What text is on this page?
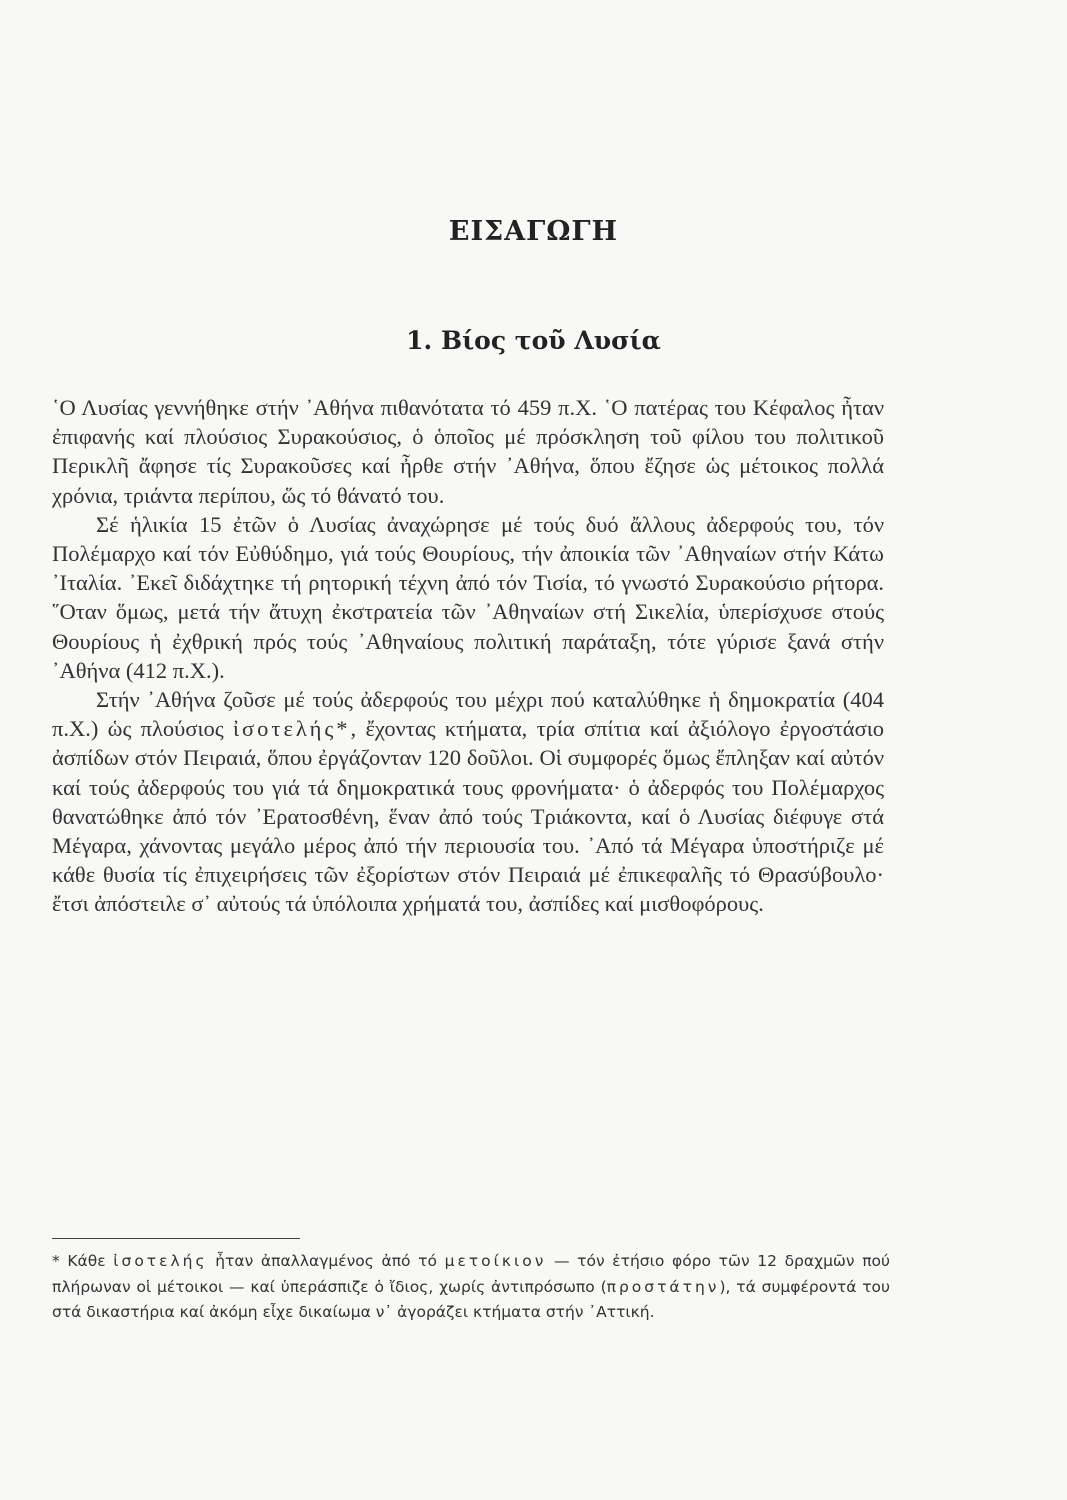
ΕΙΣΑΓΩΓΗ
1. Βίος τοῦ Λυσία

῾Ο Λυσίας γεννήθηκε στήν ᾿Αθήνα πιθανότατα τό 459 π.Χ. ῾Ο πατέρας του Κέφαλος ἦταν ἐπιφανής καί πλούσιος Συρακούσιος, ὁ ὁποῖος μέ πρόσκληση τοῦ φίλου του πολιτικοῦ Περικλῆ ἄφησε τίς Συρακοῦσες καί ἦρθε στήν ᾿Αθήνα, ὅπου ἔζησε ὡς μέτοικος πολλά χρόνια, τριάντα περίπου, ὥς τό θάνατό του.

Σέ ἡλικία 15 ἐτῶν ὁ Λυσίας ἀναχώρησε μέ τούς δυό ἄλλους ἀδερφούς του, τόν Πολέμαρχο καί τόν Εὐθύδημο, γιά τούς Θουρίους, τήν ἀποικία τῶν ᾿Αθηναίων στήν Κάτω ᾿Ιταλία. ᾿Εκεῖ διδάχτηκε τή ρητορική τέχνη ἀπό τόν Τισία, τό γνωστό Συρακούσιο ρήτορα. ῞Οταν ὅμως, μετά τήν ἄτυχη ἐκστρατεία τῶν ᾿Αθηναίων στή Σικελία, ὑπερίσχυσε στούς Θουρίους ἡ ἐχθρική πρός τούς ᾿Αθηναίους πολιτική παράταξη, τότε γύρισε ξανά στήν ᾿Αθήνα (412 π.Χ.).

Στήν ᾿Αθήνα ζοῦσε μέ τούς ἀδερφούς του μέχρι πού καταλύθηκε ἡ δημοκρατία (404 π.Χ.) ὡς πλούσιος ἰσοτελής*, ἔχοντας κτήματα, τρία σπίτια καί ἀξιόλογο ἐργοστάσιο ἀσπίδων στόν Πειραιά, ὅπου ἐργάζονταν 120 δοῦλοι. Οἱ συμφορές ὅμως ἔπληξαν καί αὐτόν καί τούς ἀδερφούς του γιά τά δημοκρατικά τους φρονήματα· ὁ ἀδερφός του Πολέμαρχος θανατώθηκε ἀπό τόν ᾿Ερατοσθένη, ἕναν ἀπό τούς Τριάκοντα, καί ὁ Λυσίας διέφυγε στά Μέγαρα, χάνοντας μεγάλο μέρος ἀπό τήν περιουσία του. ᾿Από τά Μέγαρα ὑποστήριζε μέ κάθε θυσία τίς ἐπιχειρήσεις τῶν ἐξορίστων στόν Πειραιά μέ ἐπικεφαλῆς τό Θρασύβουλο· ἔτσι ἀπόστειλε σ᾿ αὐτούς τά ὑπόλοιπα χρήματά του, ἀσπίδες καί μισθοφόρους.

* Κάθε ἰσοτελής ἦταν ἀπαλλαγμένος ἀπό τό μετοίκιον — τόν ἐτήσιο φόρο τῶν 12 δραχμῶν πού πλήρωναν οἱ μέτοικοι — καί ὑπεράσπιζε ὁ ἴδιος, χωρίς ἀντιπρόσωπο (προστάτην), τά συμφέροντά του στά δικαστήρια καί ἀκόμη εἶχε δικαίωμα ν᾿ ἀγοράζει κτήματα στήν ᾿Αττική.
